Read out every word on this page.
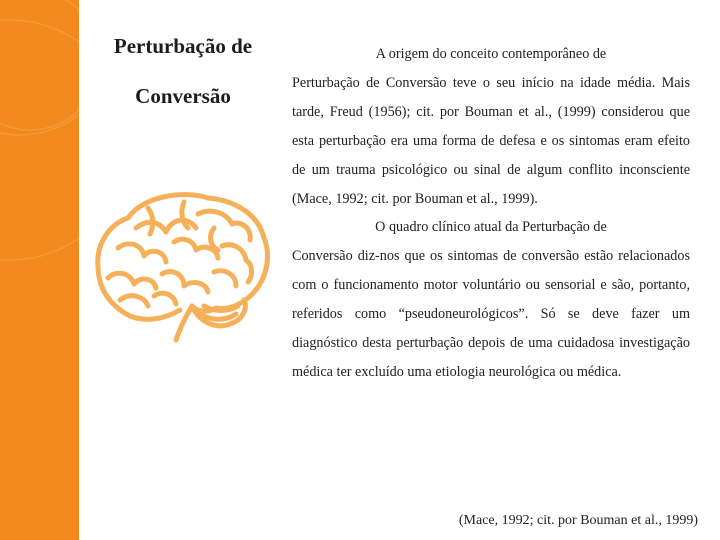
Perturbação de
Conversão

A origem do conceito contemporâneo de
Perturbação de Conversão teve o seu início na idade média. Mais tarde, Freud (1956); cit. por Bouman et al., (1999) considerou que esta perturbação era uma forma de defesa e os sintomas eram efeito de um trauma psicológico ou sinal de algum conflito inconsciente (Mace, 1992; cit. por Bouman et al., 1999).

O quadro clínico atual da Perturbação de
Conversão diz-nos que os sintomas de conversão estão relacionados com o funcionamento motor voluntário ou sensorial e são, portanto, referidos como “pseudoneurológicos”. Só se deve fazer um diagnóstico desta perturbação depois de uma cuidadosa investigação médica ter excluído uma etiologia neurológica ou médica.

(Mace, 1992; cit. por Bouman et al., 1999)
